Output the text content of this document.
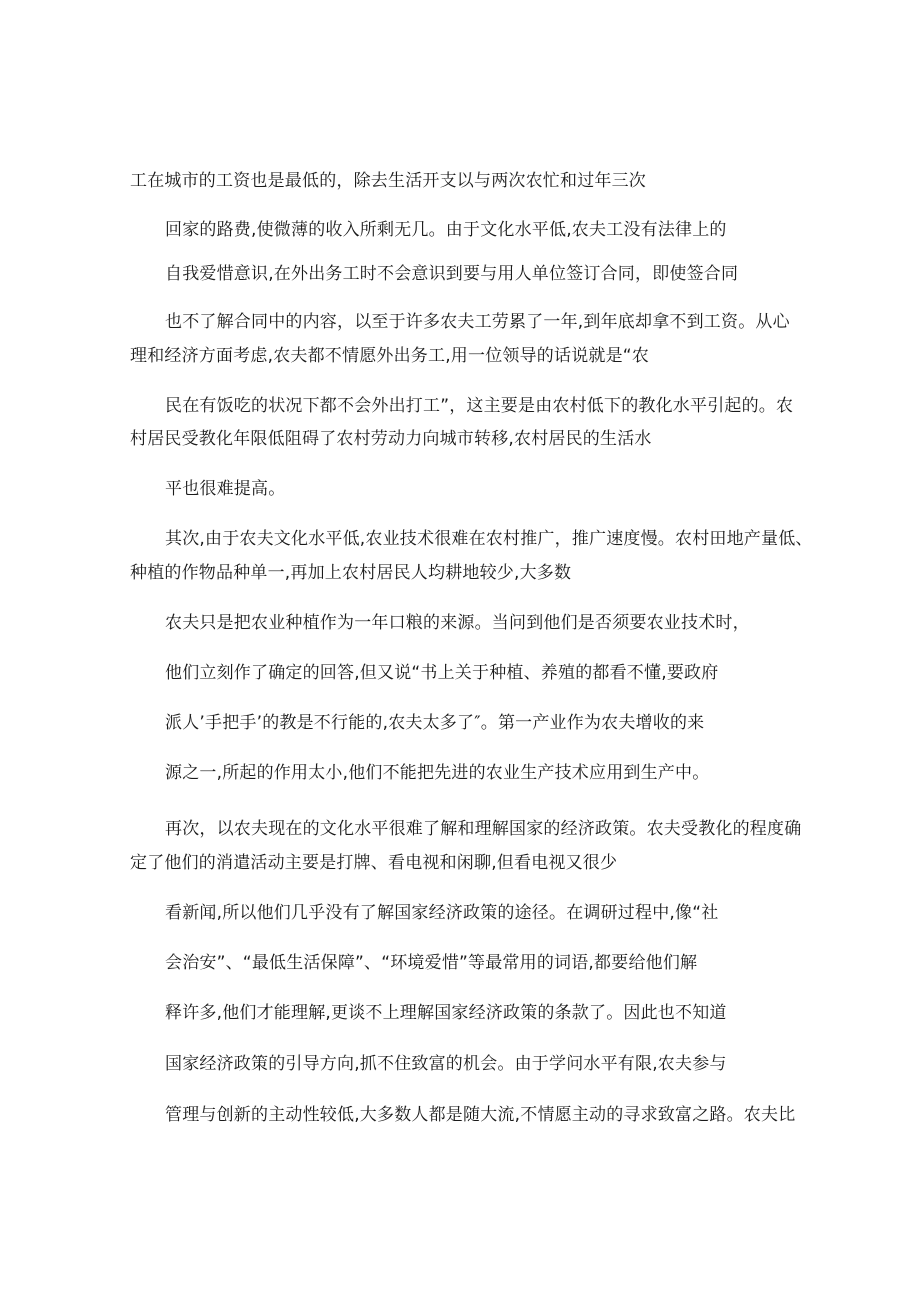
工在城市的工资也是最低的，除去生活开支以与两次农忙和过年三次

回家的路费,使微薄的收入所剩无几。由于文化水平低,农夫工没有法律上的

自我爱惜意识,在外出务工时不会意识到要与用人单位签订合同，即使签合同

也不了解合同中的内容，以至于许多农夫工劳累了一年,到年底却拿不到工资。从心

理和经济方面考虑,农夫都不情愿外出务工,用一位领导的话说就是“农

民在有饭吃的状况下都不会外出打工”，这主要是由农村低下的教化水平引起的。农

村居民受教化年限低阻碍了农村劳动力向城市转移,农村居民的生活水

平也很难提高。

其次,由于农夫文化水平低,农业技术很难在农村推广，推广速度慢。农村田地产量低、

种植的作物品种单一,再加上农村居民人均耕地较少,大多数

农夫只是把农业种植作为一年口粮的来源。当问到他们是否须要农业技术时，

他们立刻作了确定的回答,但又说“书上关于种植、养殖的都看不懂,要政府

派人’手把手’的教是不行能的,农夫太多了″。第一产业作为农夫增收的来

源之一,所起的作用太小,他们不能把先进的农业生产技术应用到生产中。

再次，以农夫现在的文化水平很难了解和理解国家的经济政策。农夫受教化的程度确

定了他们的消遣活动主要是打牌、看电视和闲聊,但看电视又很少

看新闻,所以他们几乎没有了解国家经济政策的途径。在调研过程中,像“社

会治安”、“最低生活保障”、“环境爱惜”等最常用的词语,都要给他们解

释许多,他们才能理解,更谈不上理解国家经济政策的条款了。因此也不知道

国家经济政策的引导方向,抓不住致富的机会。由于学问水平有限,农夫参与

管理与创新的主动性较低,大多数人都是随大流,不情愿主动的寻求致富之路。农夫比
